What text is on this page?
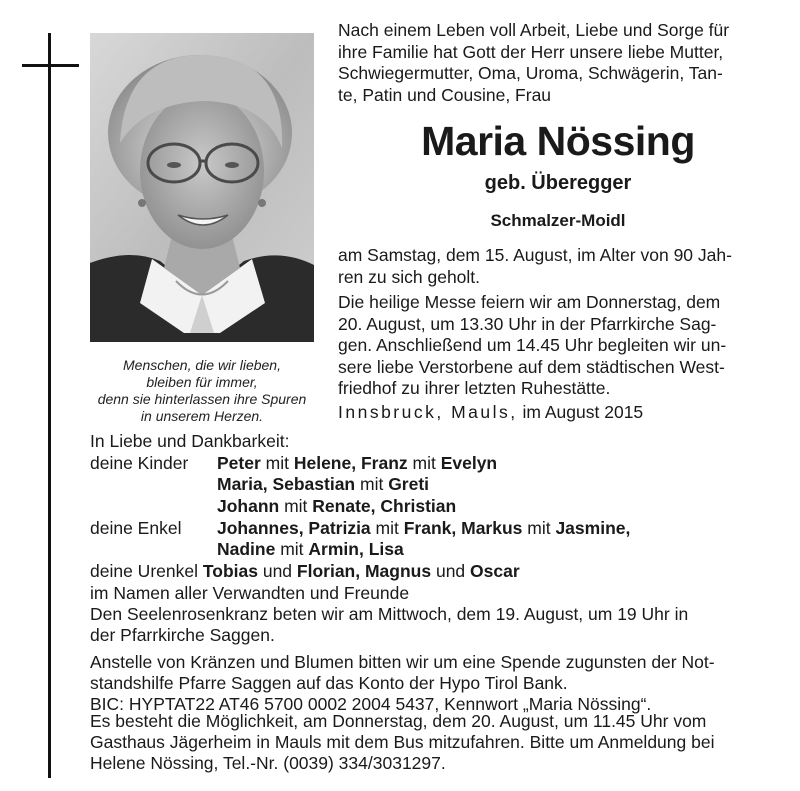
Menschen, die wir lieben,
bleiben für immer,
denn sie hinterlassen ihre Spuren
in unserem Herzen.
Nach einem Leben voll Arbeit, Liebe und Sorge für
ihre Familie hat Gott der Herr unsere liebe Mutter,
Schwiegermutter, Oma, Uroma, Schwägerin, Tan-
te, Patin und Cousine, Frau
Maria Nössing
geb. Überegger
Schmalzer-Moidl
am Samstag, dem 15. August, im Alter von 90 Jah-
ren zu sich geholt.
Die heilige Messe feiern wir am Donnerstag, dem
20. August, um 13.30 Uhr in der Pfarrkirche Sag-
gen. Anschließend um 14.45 Uhr begleiten wir un-
sere liebe Verstorbene auf dem städtischen West-
friedhof zu ihrer letzten Ruhestätte.
Innsbruck, Mauls, im August 2015
In Liebe und Dankbarkeit:
deine Kinder Peter mit Helene, Franz mit Evelyn
Maria, Sebastian mit Greti
Johann mit Renate, Christian
deine Enkel Johannes, Patrizia mit Frank, Markus mit Jasmine,
Nadine mit Armin, Lisa
deine Urenkel Tobias und Florian, Magnus und Oscar
im Namen aller Verwandten und Freunde
Den Seelenrosenkranz beten wir am Mittwoch, dem 19. August, um 19 Uhr in
der Pfarrkirche Saggen.
Anstelle von Kränzen und Blumen bitten wir um eine Spende zugunsten der Not-
standshilfe Pfarre Saggen auf das Konto der Hypo Tirol Bank.
BIC: HYPTAT22 AT46 5700 0002 2004 5437, Kennwort „Maria Nössing“.
Es besteht die Möglichkeit, am Donnerstag, dem 20. August, um 11.45 Uhr vom
Gasthaus Jägerheim in Mauls mit dem Bus mitzufahren. Bitte um Anmeldung bei
Helene Nössing, Tel.-Nr. (0039) 334/3031297.
